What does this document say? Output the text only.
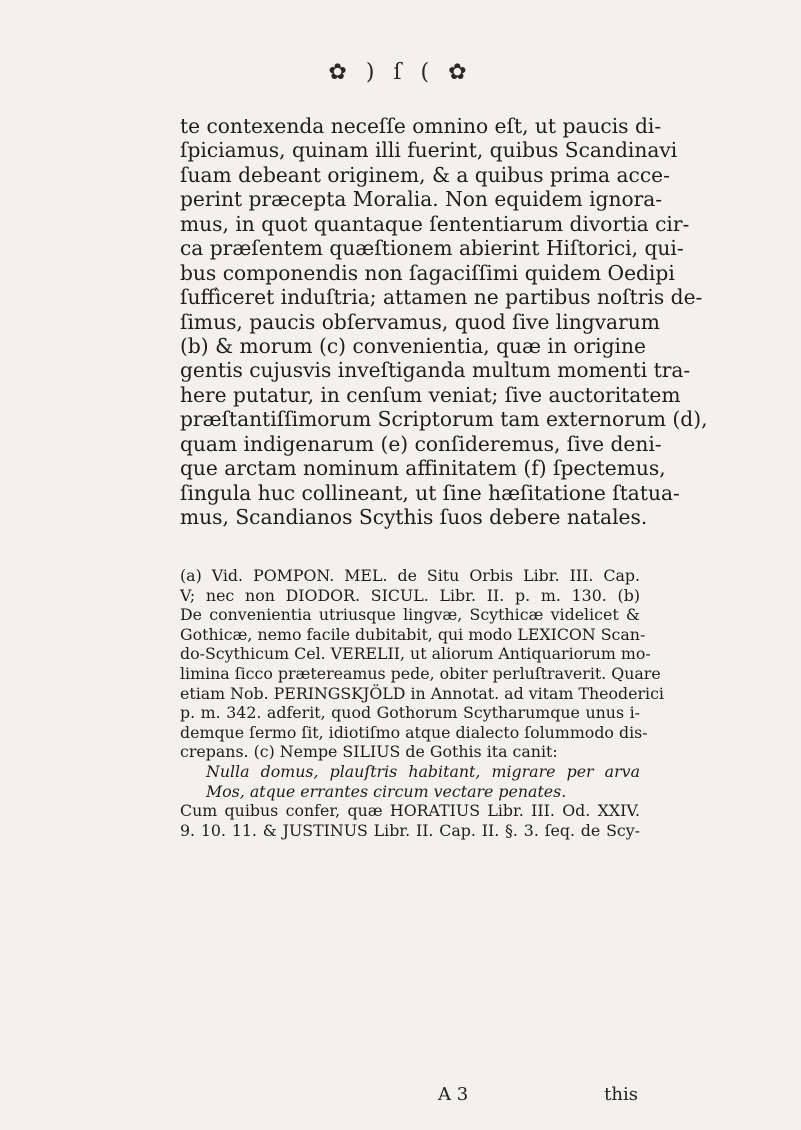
✿ ) ſ ( ✿
te contexenda neceſſe omnino eſt, ut paucis di-
ſpiciamus, quinam illi fuerint, quibus Scandinavi
ſuam debeant originem, & a quibus prima acce-
perint præcepta Moralia. Non equidem ignora-
mus, in quot quantaque ſententiarum divortia cir-
ca præſentem quæſtionem abierint Hiſtorici, qui-
bus componendis non ſagaciſſimi quidem Oedipi
ſuffìceret induſtria; attamen ne partibus noſtris de-
ſimus, paucis obſervamus, quod ſive lingvarum
(b) & morum (c) convenientia, quæ in origine
gentis cujusvis inveſtiganda multum momenti tra-
here putatur, in cenſum veniat; ſive auctoritatem
præſtantiſſimorum Scriptorum tam externorum (d),
quam indigenarum (e) conſideremus, ſive deni-
que arctam nominum affinitatem (f) ſpectemus,
ſingula huc collineant, ut ſine hæſitatione ſtatua-
mus, Scandianos Scythis ſuos debere natales.
(a) Vid. POMPON. MEL. de Situ Orbis Libr. III. Cap.
V; nec non DIODOR. SICUL. Libr. II. p. m. 130. (b)
De convenientia utriusque lingvæ, Scythicæ videlicet &
Gothicæ, nemo facile dubitabit, qui modo LEXICON Scan-
do-Scythicum Cel. VERELII, ut aliorum Antiquariorum mo-
limina ſicco prætereamus pede, obiter perluſtraverit. Quare
etiam Nob. PERINGSKJÖLD in Annotat. ad vitam Theoderici
p. m. 342. adferit, quod Gothorum Scytharumque unus i-
demque ſermo ſit, idiotiſmo atque dialecto ſolummodo dis-
crepans. (c) Nempe SILIUS de Gothis ita canit:
Nulla domus, plauſtris habitant, migrare per arva
Mos, atque errantes circum vectare penates.
Cum quibus confer, quæ HORATIUS Libr. III. Od. XXIV.
9. 10. 11. & JUSTINUS Libr. II. Cap. II. §. 3. ſeq. de Scy-
A 3	this
